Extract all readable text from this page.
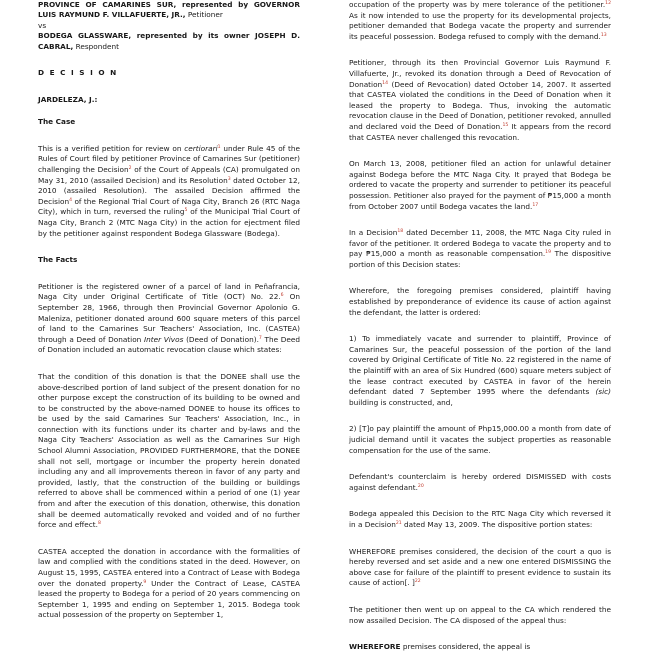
PROVINCE OF CAMARINES SUR, represented by GOVERNOR LUIS RAYMUND F. VILLAFUERTE, JR., Petitioner

vs

BODEGA GLASSWARE, represented by its owner JOSEPH D. CABRAL, Respondent

D E C I S I O N

JARDELEZA, J.:

The Case

This is a verified petition for review on certiorari$^1$ under Rule 45 of the Rules of Court filed by petitioner Province of Camarines Sur (petitioner) challenging the Decision$^2$ of the Court of Appeals (CA) promulgated on May 31, 2010 (assailed Decision) and its Resolution$^3$ dated October 12, 2010 (assailed Resolution). The assailed Decision affirmed the Decision$^4$ of the Regional Trial Court of Naga City, Branch 26 (RTC Naga City), which in turn, reversed the ruling$^5$ of the Municipal Trial Court of Naga City, Branch 2 (MTC Naga City) in the action for ejectment filed by the petitioner against respondent Bodega Glassware (Bodega).

The Facts

Petitioner is the registered owner of a parcel of land in Peñafrancia, Naga City under Original Certificate of Title (OCT) No. 22.$^6$ On September 28, 1966, through then Provincial Governor Apolonio G. Maleniza, petitioner donated around 600 square meters of this parcel of land to the Camarines Sur Teachers' Association, Inc. (CASTEA) through a Deed of Donation Inter Vivos (Deed of Donation).$^7$ The Deed of Donation included an automatic revocation clause which states:

That the condition of this donation is that the DONEE shall use the above-described portion of land subject of the present donation for no other purpose except the construction of its building to be owned and to be constructed by the above-named DONEE to house its offices to be used by the said Camarines Sur Teachers' Association, Inc., in connection with its functions under its charter and by-laws and the Naga City Teachers' Association as well as the Camarines Sur High School Alumni Association, PROVIDED FURTHERMORE, that the DONEE shall not sell, mortgage or incumber the property herein donated including any and all improvements thereon in favor of any party and provided, lastly, that the construction of the building or buildings referred to above shall be commenced within a period of one (1) year from and after the execution of this donation, otherwise, this donation shall be deemed automatically revoked and voided and of no further force and effect.$^8$

CASTEA accepted the donation in accordance with the formalities of law and complied with the conditions stated in the deed. However, on August 15, 1995, CASTEA entered into a Contract of Lease with Bodega over the donated property.$^9$ Under the Contract of Lease, CASTEA leased the property to Bodega for a period of 20 years commencing on September 1, 1995 and ending on September 1, 2015. Bodega took actual possession of the property on September 1,

occupation of the property was by mere tolerance of the petitioner.$^{12}$ As it now intended to use the property for its developmental projects, petitioner demanded that Bodega vacate the property and surrender its peaceful possession. Bodega refused to comply with the demand.$^{13}$

Petitioner, through its then Provincial Governor Luis Raymund F. Villafuerte, Jr., revoked its donation through a Deed of Revocation of Donation$^{14}$ (Deed of Revocation) dated October 14, 2007. It asserted that CASTEA violated the conditions in the Deed of Donation when it leased the property to Bodega. Thus, invoking the automatic revocation clause in the Deed of Donation, petitioner revoked, annulled and declared void the Deed of Donation.$^{15}$ It appears from the record that CASTEA never challenged this revocation.

On March 13, 2008, petitioner filed an action for unlawful detainer against Bodega before the MTC Naga City. It prayed that Bodega be ordered to vacate the property and surrender to petitioner its peaceful possession. Petitioner also prayed for the payment of ₱15,000 a month from October 2007 until Bodega vacates the land.$^{17}$

In a Decision$^{18}$ dated December 11, 2008, the MTC Naga City ruled in favor of the petitioner. It ordered Bodega to vacate the property and to pay ₱15,000 a month as reasonable compensation.$^{19}$ The dispositive portion of this Decision states:

Wherefore, the foregoing premises considered, plaintiff having established by preponderance of evidence its cause of action against the defendant, the latter is ordered:

1) To immediately vacate and surrender to plaintiff, Province of Camarines Sur, the peaceful possession of the portion of the land covered by Original Certificate of Title No. 22 registered in the name of the plaintiff with an area of Six Hundred (600) square meters subject of the lease contract executed by CASTEA in favor of the herein defendant dated 7 September 1995 where the defendants (sic) building is constructed, and,

2) [T]o pay plaintiff the amount of Php15,000.00 a month from date of judicial demand until it vacates the subject properties as reasonable compensation for the use of the same.

Defendant's counterclaim is hereby ordered DISMISSED with costs against defendant.$^{20}$

Bodega appealed this Decision to the RTC Naga City which reversed it in a Decision$^{21}$ dated May 13, 2009. The dispositive portion states:

WHEREFORE premises considered, the decision of the court a quo is hereby reversed and set aside and a new one entered DISMISSING the above case for failure of the plaintiff to present evidence to sustain its cause of action[. ]$^{22}$

The petitioner then went up on appeal to the CA which rendered the now assailed Decision. The CA disposed of the appeal thus:

WHEREFORE premises considered, the appeal is
